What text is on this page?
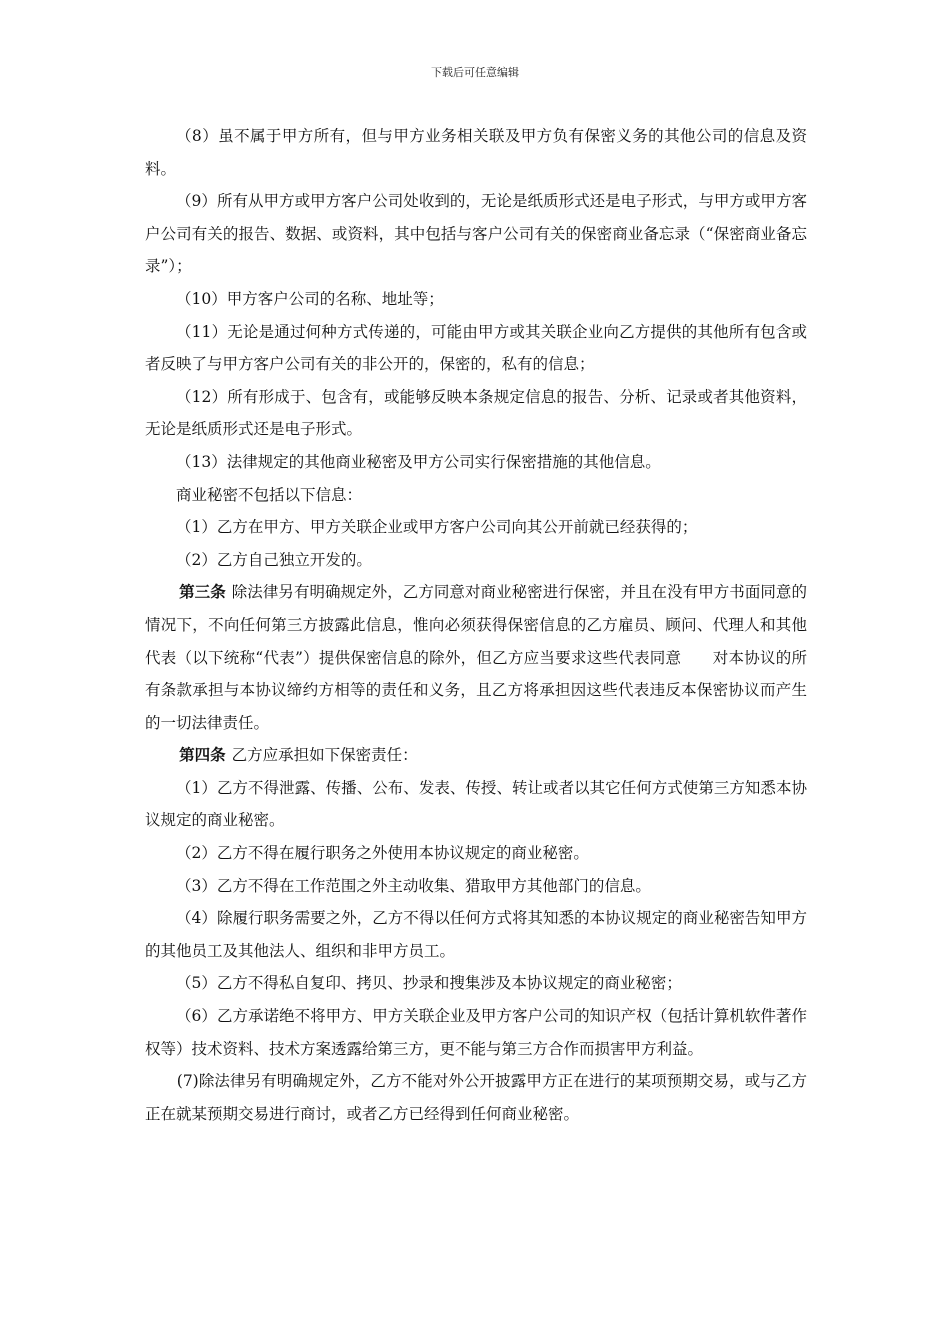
下载后可任意编辑

（8）虽不属于甲方所有，但与甲方业务相关联及甲方负有保密义务的其他公司的信息及资料。

（9）所有从甲方或甲方客户公司处收到的，无论是纸质形式还是电子形式，与甲方或甲方客户公司有关的报告、数据、或资料，其中包括与客户公司有关的保密商业备忘录（“保密商业备忘录”）；

（10）甲方客户公司的名称、地址等；

（11）无论是通过何种方式传递的，可能由甲方或其关联企业向乙方提供的其他所有包含或者反映了与甲方客户公司有关的非公开的，保密的，私有的信息；

（12）所有形成于、包含有，或能够反映本条规定信息的报告、分析、记录或者其他资料，无论是纸质形式还是电子形式。

（13）法律规定的其他商业秘密及甲方公司实行保密措施的其他信息。

商业秘密不包括以下信息：

（1）乙方在甲方、甲方关联企业或甲方客户公司向其公开前就已经获得的；

（2）乙方自己独立开发的。

第三条 除法律另有明确规定外，乙方同意对商业秘密进行保密，并且在没有甲方书面同意的情况下，不向任何第三方披露此信息，惟向必须获得保密信息的乙方雇员、顾问、代理人和其他代表（以下统称“代表”）提供保密信息的除外，但乙方应当要求这些代表同意　　对本协议的所有条款承担与本协议缔约方相等的责任和义务，且乙方将承担因这些代表违反本保密协议而产生的一切法律责任。

第四条 乙方应承担如下保密责任：

（1）乙方不得泄露、传播、公布、发表、传授、转让或者以其它任何方式使第三方知悉本协议规定的商业秘密。

（2）乙方不得在履行职务之外使用本协议规定的商业秘密。

（3）乙方不得在工作范围之外主动收集、猎取甲方其他部门的信息。

（4）除履行职务需要之外，乙方不得以任何方式将其知悉的本协议规定的商业秘密告知甲方的其他员工及其他法人、组织和非甲方员工。

（5）乙方不得私自复印、拷贝、抄录和搜集涉及本协议规定的商业秘密；

（6）乙方承诺绝不将甲方、甲方关联企业及甲方客户公司的知识产权（包括计算机软件著作权等）技术资料、技术方案透露给第三方，更不能与第三方合作而损害甲方利益。

(7)除法律另有明确规定外，乙方不能对外公开披露甲方正在进行的某项预期交易，或与乙方正在就某预期交易进行商讨，或者乙方已经得到任何商业秘密。
